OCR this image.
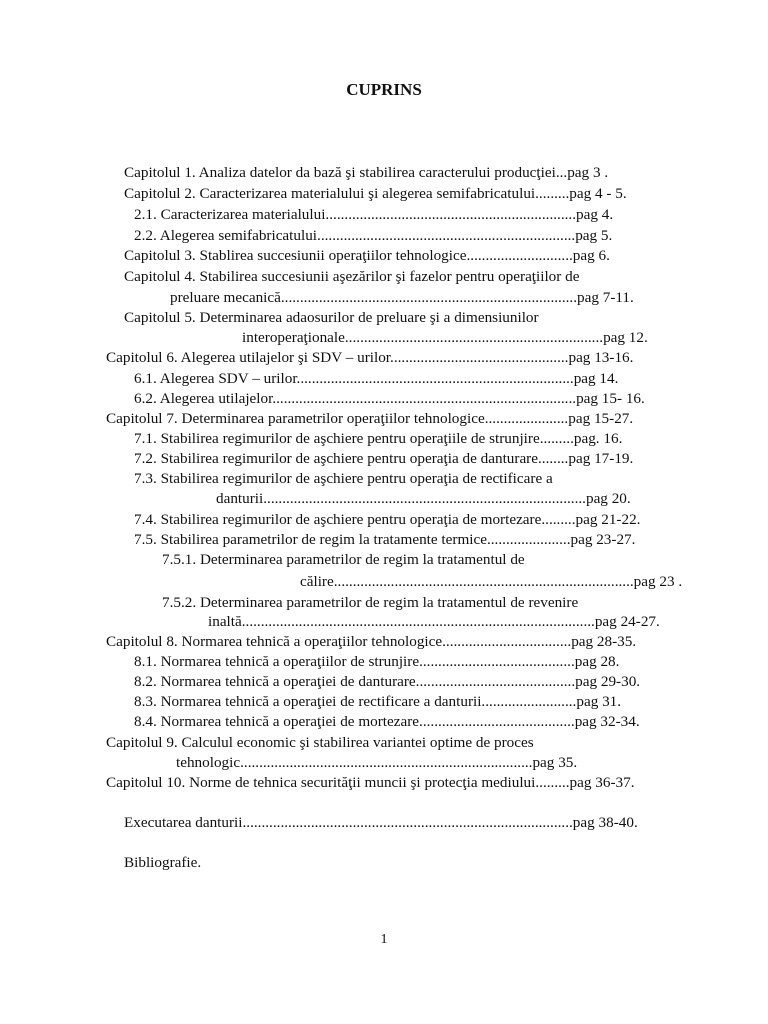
CUPRINS
Capitolul 1. Analiza datelor da bază şi stabilirea caracterului producţiei...pag 3 .
Capitolul 2. Caracterizarea materialului şi alegerea semifabricatului.........pag 4 - 5.
2.1. Caracterizarea materialului..................................................................pag 4.
2.2. Alegerea semifabricatului....................................................................pag 5.
Capitolul 3. Stablirea succesiunii operaţiilor tehnologice............................pag 6.
Capitolul 4. Stabilirea succesiunii aşezărilor şi fazelor pentru operaţiilor de
preluare mecanică..............................................................................pag 7-11.
Capitolul 5. Determinarea adaosurilor de preluare şi a dimensiunilor
interoperaţionale....................................................................pag 12.
Capitolul 6. Alegerea utilajelor şi SDV – urilor...............................................pag 13-16.
6.1. Alegerea SDV – urilor.........................................................................pag 14.
6.2. Alegerea utilajelor................................................................................pag 15- 16.
Capitolul 7. Determinarea parametrilor operaţiilor tehnologice......................pag 15-27.
7.1. Stabilirea regimurilor de aşchiere pentru operaţiile de strunjire.........pag. 16.
7.2. Stabilirea regimurilor de aşchiere pentru operaţia de danturare........pag 17-19.
7.3. Stabilirea regimurilor de aşchiere pentru operaţia de rectificare a
danturii.....................................................................................pag 20.
7.4. Stabilirea regimurilor de aşchiere pentru operaţia de mortezare.........pag 21-22.
7.5. Stabilirea parametrilor de regim la tratamente termice......................pag 23-27.
7.5.1. Determinarea parametrilor de regim la tratamentul de
călire...............................................................................pag 23 .
7.5.2. Determinarea parametrilor de regim la tratamentul de revenire
inaltă.............................................................................................pag 24-27.
Capitolul 8. Normarea tehnică a operaţiilor tehnologice..................................pag 28-35.
8.1. Normarea tehnică a operaţiilor de strunjire.........................................pag 28.
8.2. Normarea tehnică a operaţiei de danturare..........................................pag 29-30.
8.3. Normarea tehnică a operaţiei de rectificare a danturii.........................pag 31.
8.4. Normarea tehnică a operaţiei de mortezare.........................................pag 32-34.
Capitolul 9. Calculul economic şi stabilirea variantei optime de proces
tehnologic.............................................................................pag 35.
Capitolul 10. Norme de tehnica securităţii muncii şi protecţia mediului.........pag 36-37.
Executarea danturii.......................................................................................pag 38-40.
Bibliografie.
1
